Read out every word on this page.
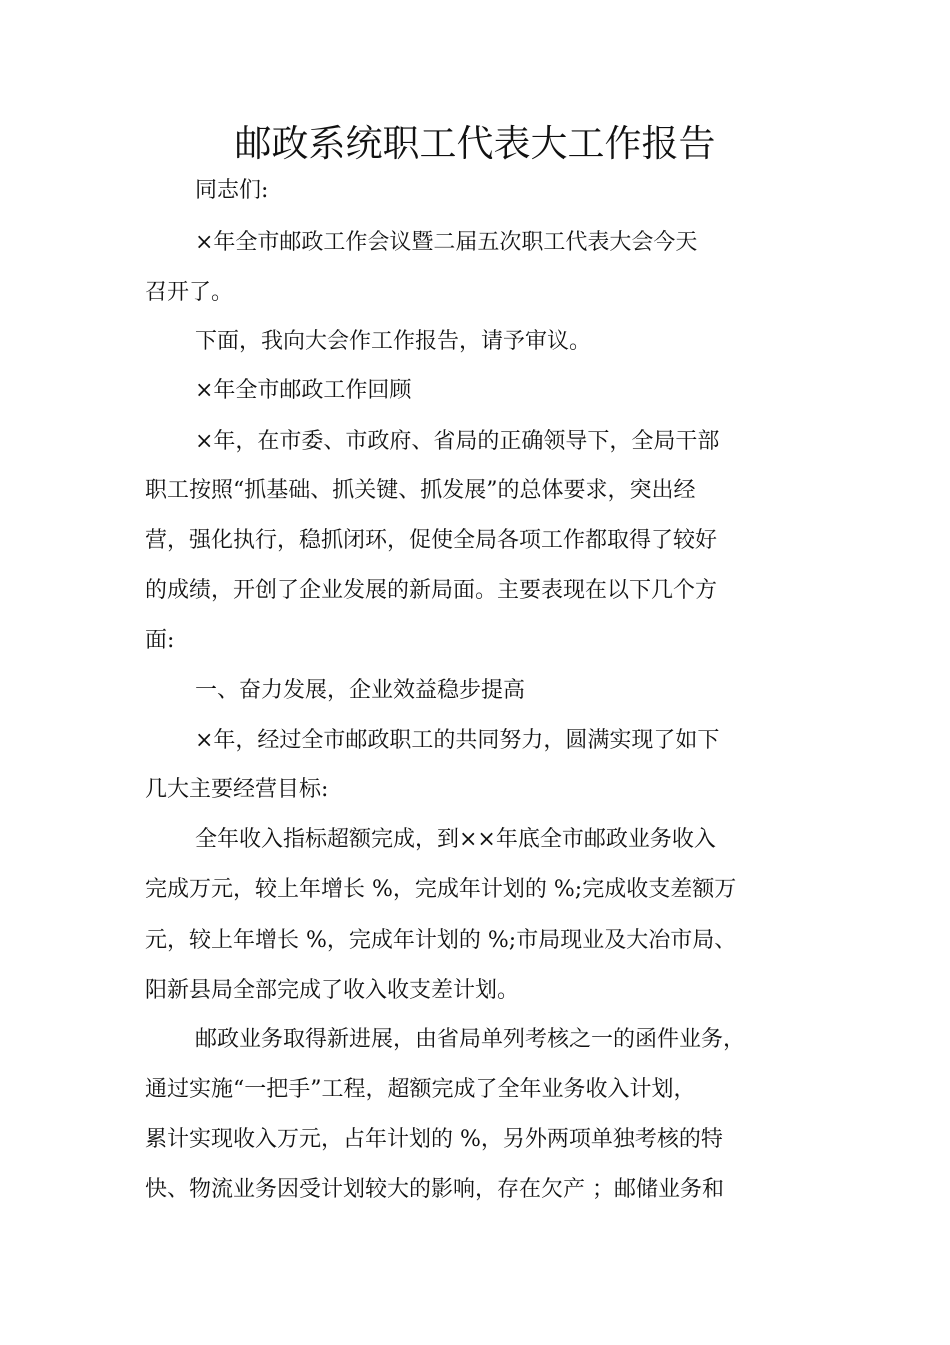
邮政系统职工代表大工作报告
同志们:
×年全市邮政工作会议暨二届五次职工代表大会今天
召开了。
下面，我向大会作工作报告，请予审议。
×年全市邮政工作回顾
×年，在市委、市政府、省局的正确领导下，全局干部
职工按照“抓基础、抓关键、抓发展”的总体要求，突出经
营，强化执行，稳抓闭环，促使全局各项工作都取得了较好
的成绩，开创了企业发展的新局面。主要表现在以下几个方
面:
一、奋力发展，企业效益稳步提高
×年，经过全市邮政职工的共同努力，圆满实现了如下
几大主要经营目标:
全年收入指标超额完成，到××年底全市邮政业务收入
完成万元，较上年增长 %，完成年计划的 %;完成收支差额万
元，较上年增长 %，完成年计划的 %;市局现业及大冶市局、
阳新县局全部完成了收入收支差计划。
邮政业务取得新进展，由省局单列考核之一的函件业务，
通过实施“一把手”工程，超额完成了全年业务收入计划，
累计实现收入万元，占年计划的 %，另外两项单独考核的特
快、物流业务因受计划较大的影响，存在欠产 ；邮储业务和
